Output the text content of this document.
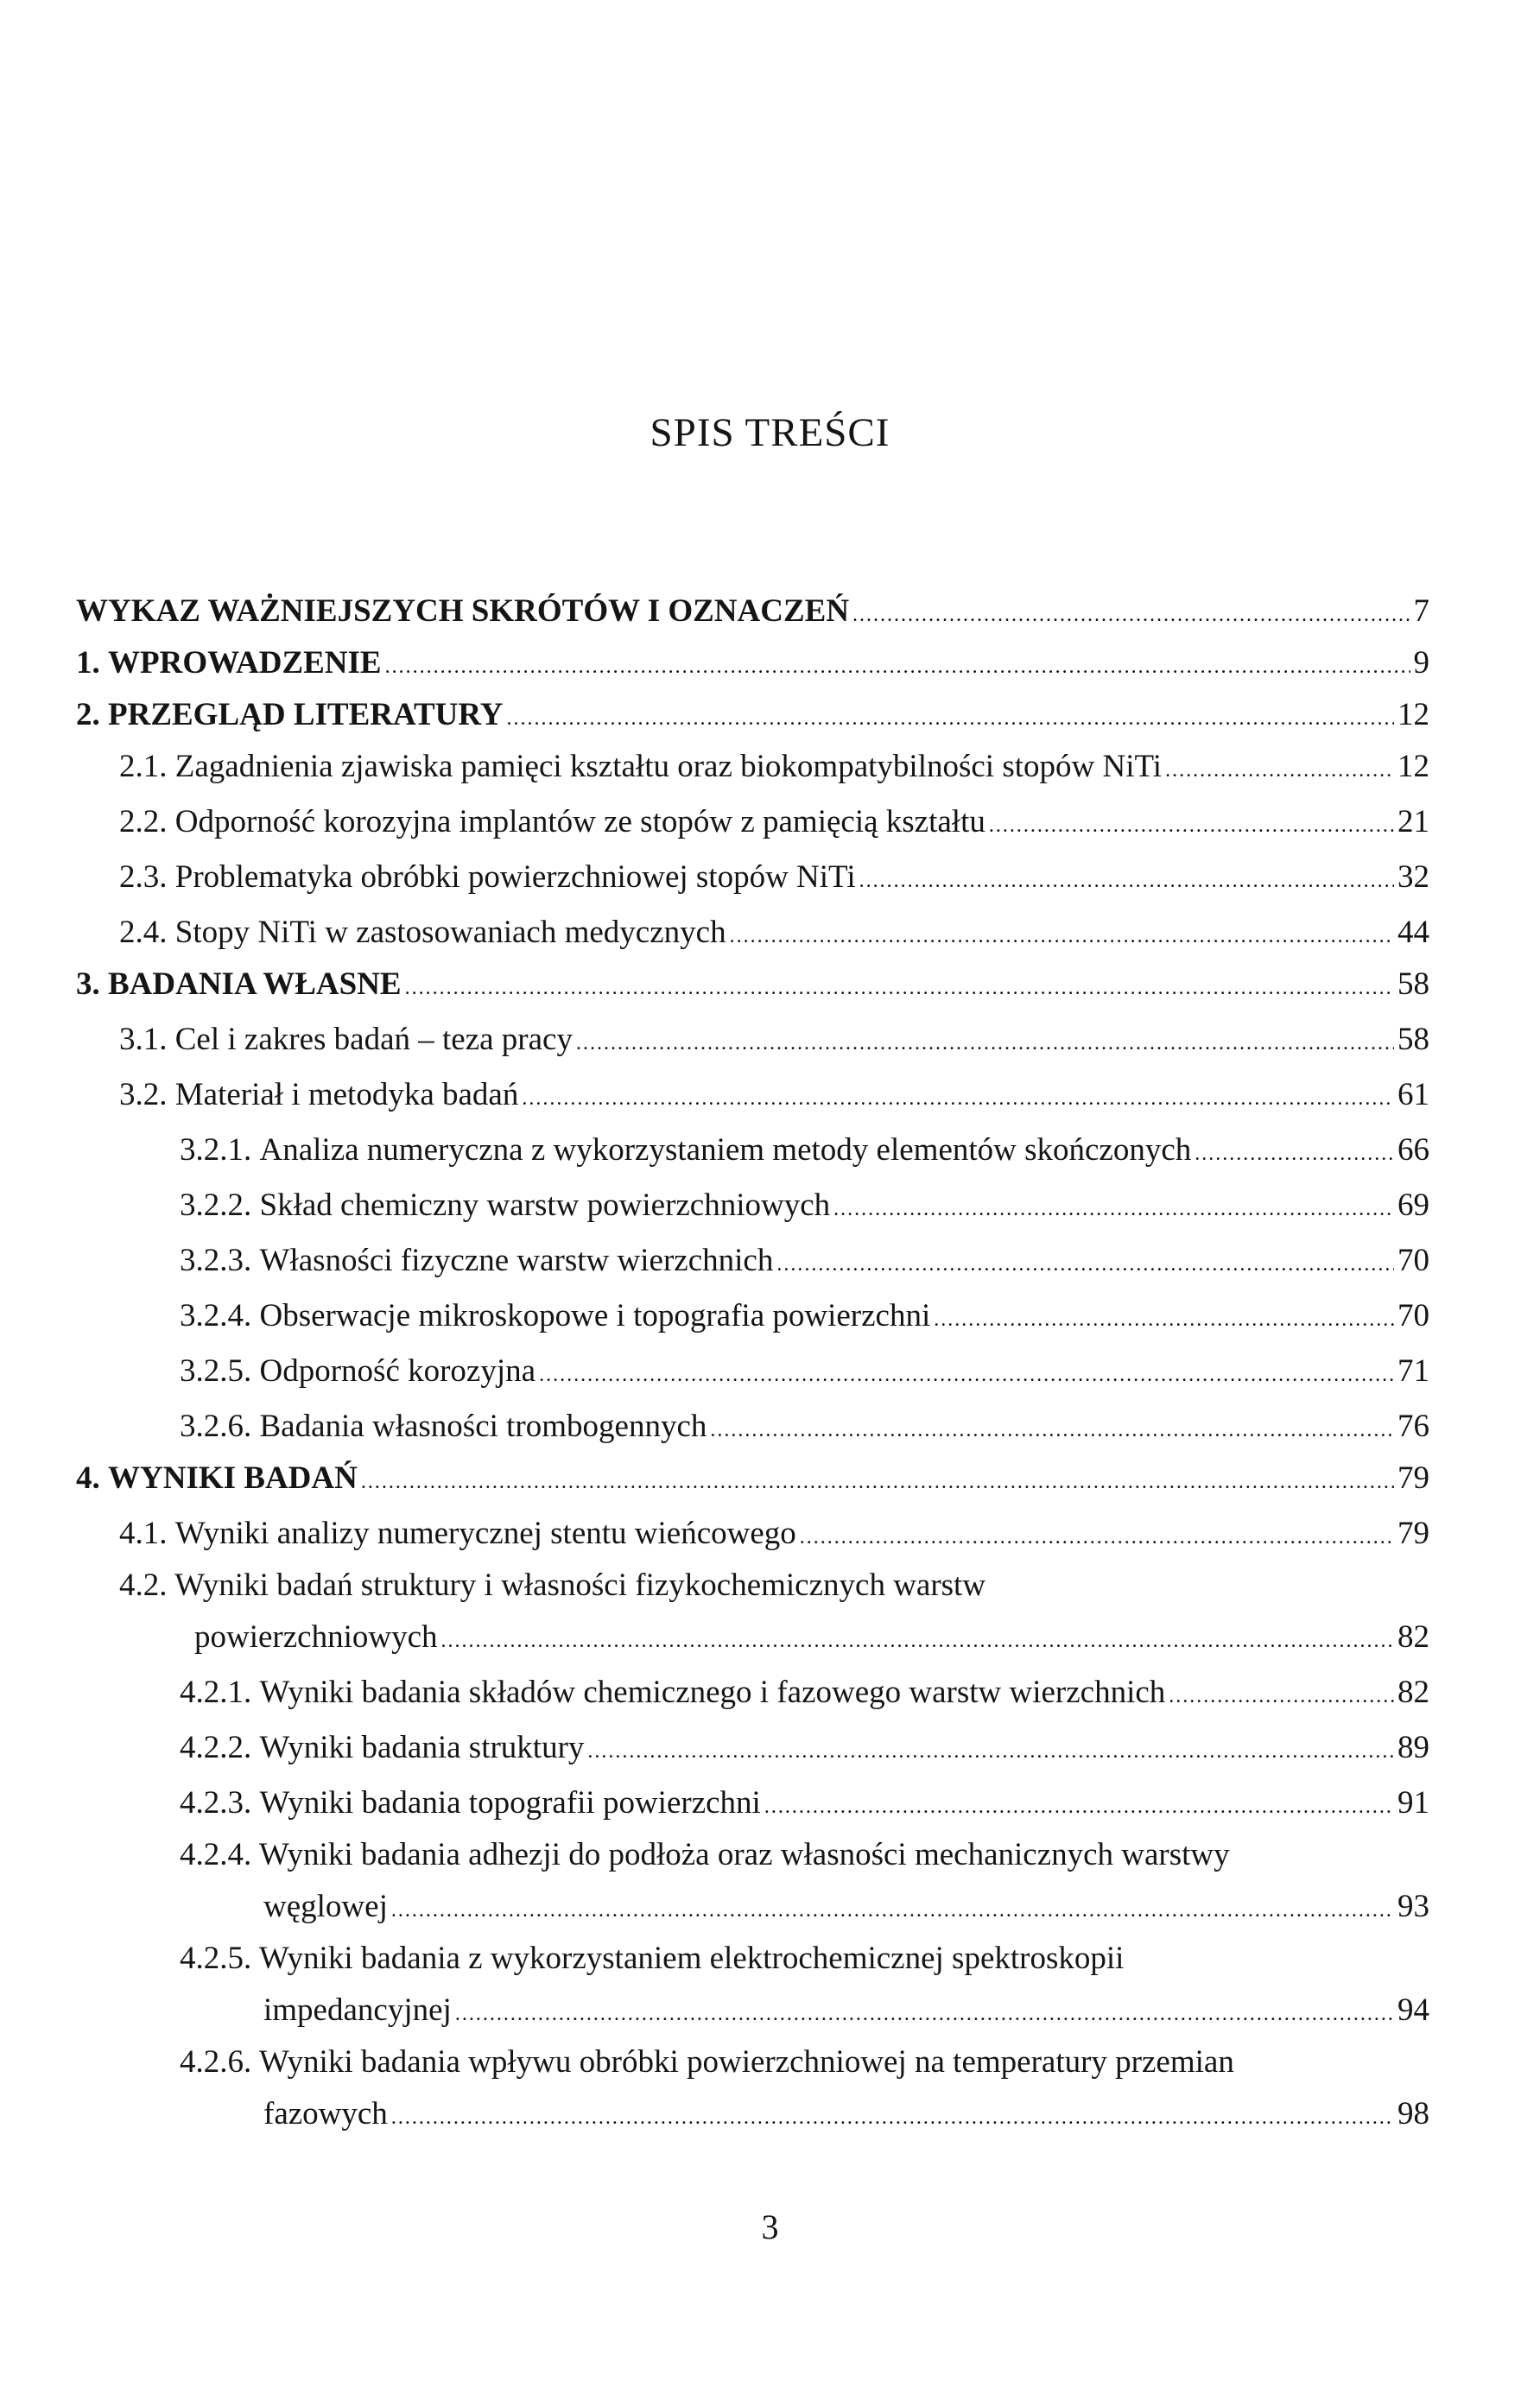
SPIS TREŚCI
WYKAZ WAŻNIEJSZYCH SKRÓTÓW I OZNACZEŃ .....	7
1. WPROWADZENIE .....	9
2. PRZEGLĄD LITERATURY .....	12
2.1. Zagadnienia zjawiska pamięci kształtu oraz biokompatybilności stopów NiTi .....	12
2.2. Odporność korozyjna implantów ze stopów z pamięcią kształtu .....	21
2.3. Problematyka obróbki powierzchniowej stopów NiTi .....	32
2.4. Stopy NiTi w zastosowaniach medycznych .....	44
3. BADANIA WŁASNE .....	58
3.1. Cel i zakres badań – teza pracy .....	58
3.2. Materiał i metodyka badań .....	61
3.2.1. Analiza numeryczna z wykorzystaniem metody elementów skończonych .....	66
3.2.2. Skład chemiczny warstw powierzchniowych .....	69
3.2.3. Własności fizyczne warstw wierzchnich .....	70
3.2.4. Obserwacje mikroskopowe i topografia powierzchni .....	70
3.2.5. Odporność korozyjna .....	71
3.2.6. Badania własności trombogennych .....	76
4. WYNIKI BADAŃ .....	79
4.1. Wyniki analizy numerycznej stentu wieńcowego .....	79
4.2. Wyniki badań struktury i własności fizykochemicznych warstw
powierzchniowych .....	82
4.2.1. Wyniki badania składów chemicznego i fazowego warstw wierzchnich .....	82
4.2.2. Wyniki badania struktury .....	89
4.2.3. Wyniki badania topografii powierzchni .....	91
4.2.4. Wyniki badania adhezji do podłoża oraz własności mechanicznych warstwy
węglowej .....	93
4.2.5. Wyniki badania z wykorzystaniem elektrochemicznej spektroskopii
impedancyjnej .....	94
4.2.6. Wyniki badania wpływu obróbki powierzchniowej na temperatury przemian
fazowych .....	98
3
